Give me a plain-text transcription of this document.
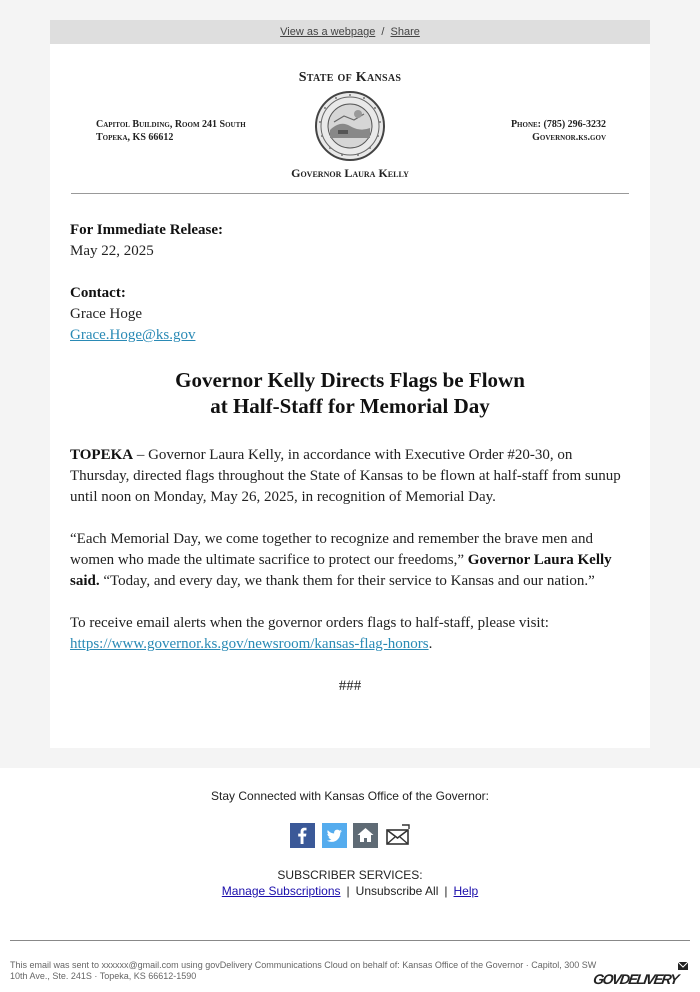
View as a webpage / Share
State of Kansas
Capitol Building, Room 241 South
Topeka, KS 66612
Phone: (785) 296-3232
Governor.ks.gov
Governor Laura Kelly
For Immediate Release:
May 22, 2025
Contact:
Grace Hoge
Grace.Hoge@ks.gov
Governor Kelly Directs Flags be Flown
at Half-Staff for Memorial Day

TOPEKA – Governor Laura Kelly, in accordance with Executive Order #20-30, on Thursday, directed flags throughout the State of Kansas to be flown at half-staff from sunup until noon on Monday, May 26, 2025, in recognition of Memorial Day.

“Each Memorial Day, we come together to recognize and remember the brave men and women who made the ultimate sacrifice to protect our freedoms,” Governor Laura Kelly said. “Today, and every day, we thank them for their service to Kansas and our nation.”

To receive email alerts when the governor orders flags to half-staff, please visit: https://www.governor.ks.gov/newsroom/kansas-flag-honors.

###

Stay Connected with Kansas Office of the Governor:

SUBSCRIBER SERVICES:
Manage Subscriptions | Unsubscribe All | Help
This email was sent to xxxxxx@gmail.com using govDelivery Communications Cloud on behalf of: Kansas Office of the Governor · Capitol, 300 SW 10th Ave., Ste. 241S · Topeka, KS 66612-1590	GOVDELIVERY
